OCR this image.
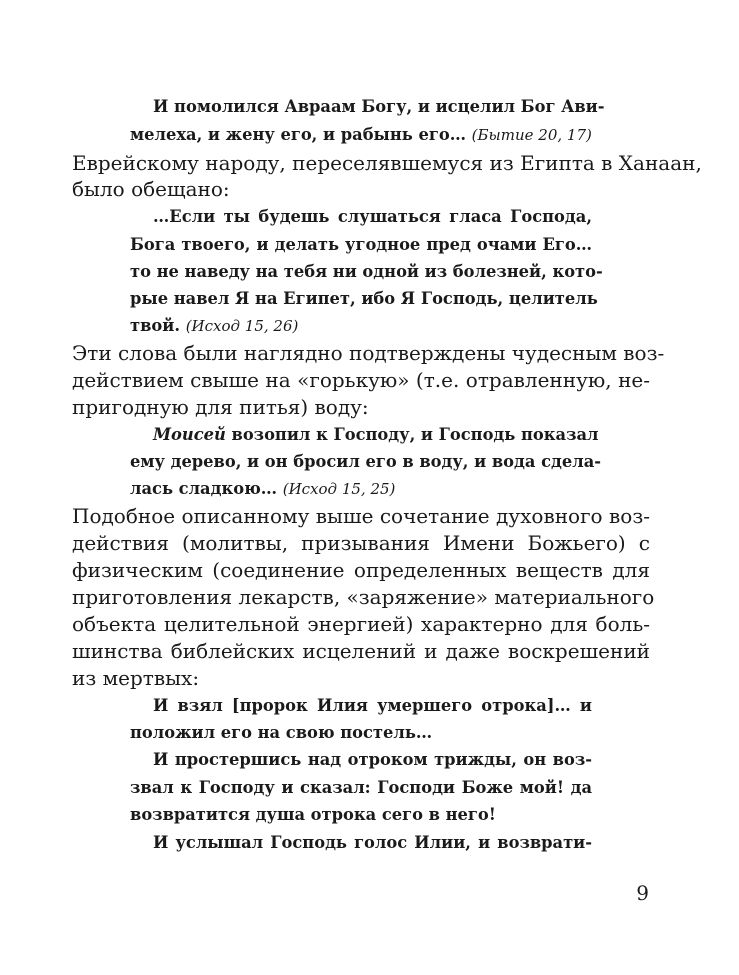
И помолился Авраам Богу, и исцелил Бог Ави-
мелеха, и жену его, и рабынь его… (Бытие 20, 17)
Еврейскому народу, переселявшемуся из Египта в Ханаан,
было обещано:
…Если ты будешь слушаться гласа Господа,
Бога твоего, и делать угодное пред очами Его…
то не наведу на тебя ни одной из болезней, кото-
рые навел Я на Египет, ибо Я Господь, целитель
твой. (Исход 15, 26)
Эти слова были наглядно подтверждены чудесным воз-
действием свыше на «горькую» (т.е. отравленную, не-
пригодную для питья) воду:
Моисей возопил к Господу, и Господь показал
ему дерево, и он бросил его в воду, и вода сдела-
лась сладкою… (Исход 15, 25)
Подобное описанному выше сочетание духовного воз-
действия (молитвы, призывания Имени Божьего) с
физическим (соединение определенных веществ для
приготовления лекарств, «заряжение» материального
объекта целительной энергией) характерно для боль-
шинства библейских исцелений и даже воскрешений
из мертвых:
И взял [пророк Илия умершего отрока]… и
положил его на свою постель…
И простершись над отроком трижды, он воз-
звал к Господу и сказал: Господи Боже мой! да
возвратится душа отрока сего в него!
И услышал Господь голос Илии, и возврати-
9
